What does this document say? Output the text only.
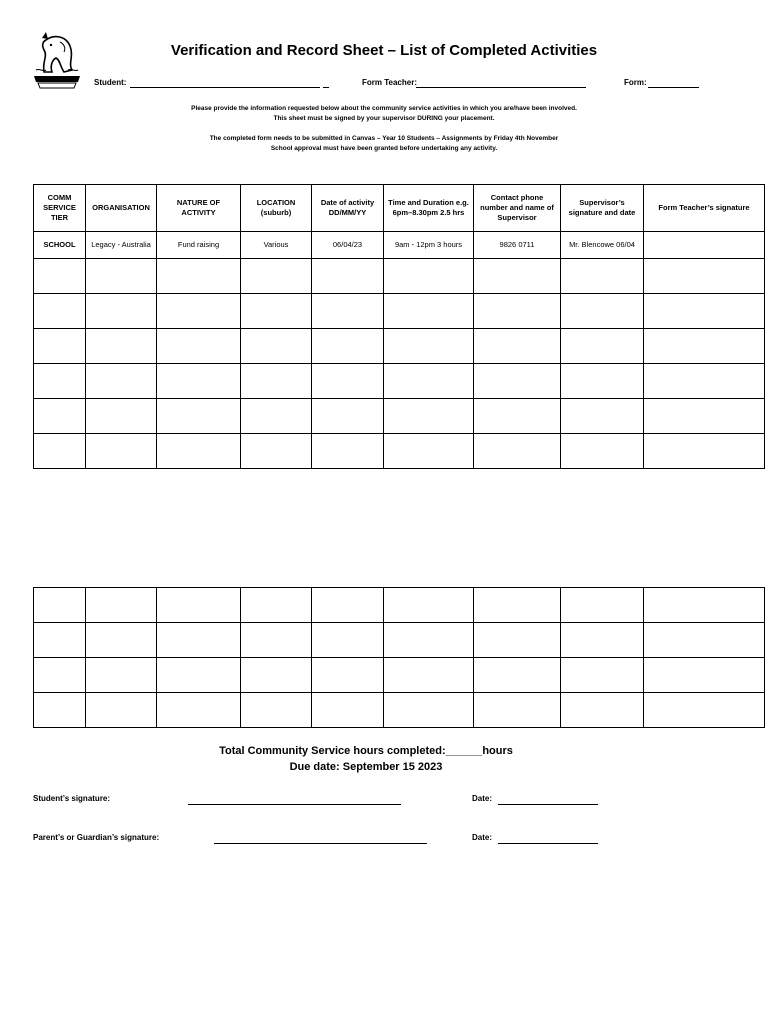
Verification and Record Sheet – List of Completed Activities
Student:	Form Teacher:	Form:
Please provide the information requested below about the community service activities in which you are/have been involved.
This sheet must be signed by your supervisor DURING your placement.
The completed form needs to be submitted in Canvas – Year 10 Students – Assignments by Friday 4th November
School approval must have been granted before undertaking any activity.
COMM SERVICE TIER	ORGANISATION	NATURE OF ACTIVITY	LOCATION (suburb)	Date of activity DD/MM/YY	Time and Duration e.g. 6pm–8.30pm 2.5 hrs	Contact phone number and name of Supervisor	Supervisor’s signature and date	Form Teacher’s signature
SCHOOL	Legacy - Australia	Fund raising	Various	06/04/23	9am - 12pm 3 hours	9826 0711	Mr. Blencowe 06/04	

Total Community Service hours completed:______hours
Due date: September 15 2023
Student’s signature:	Date:
Parent’s or Guardian’s signature:	Date:
